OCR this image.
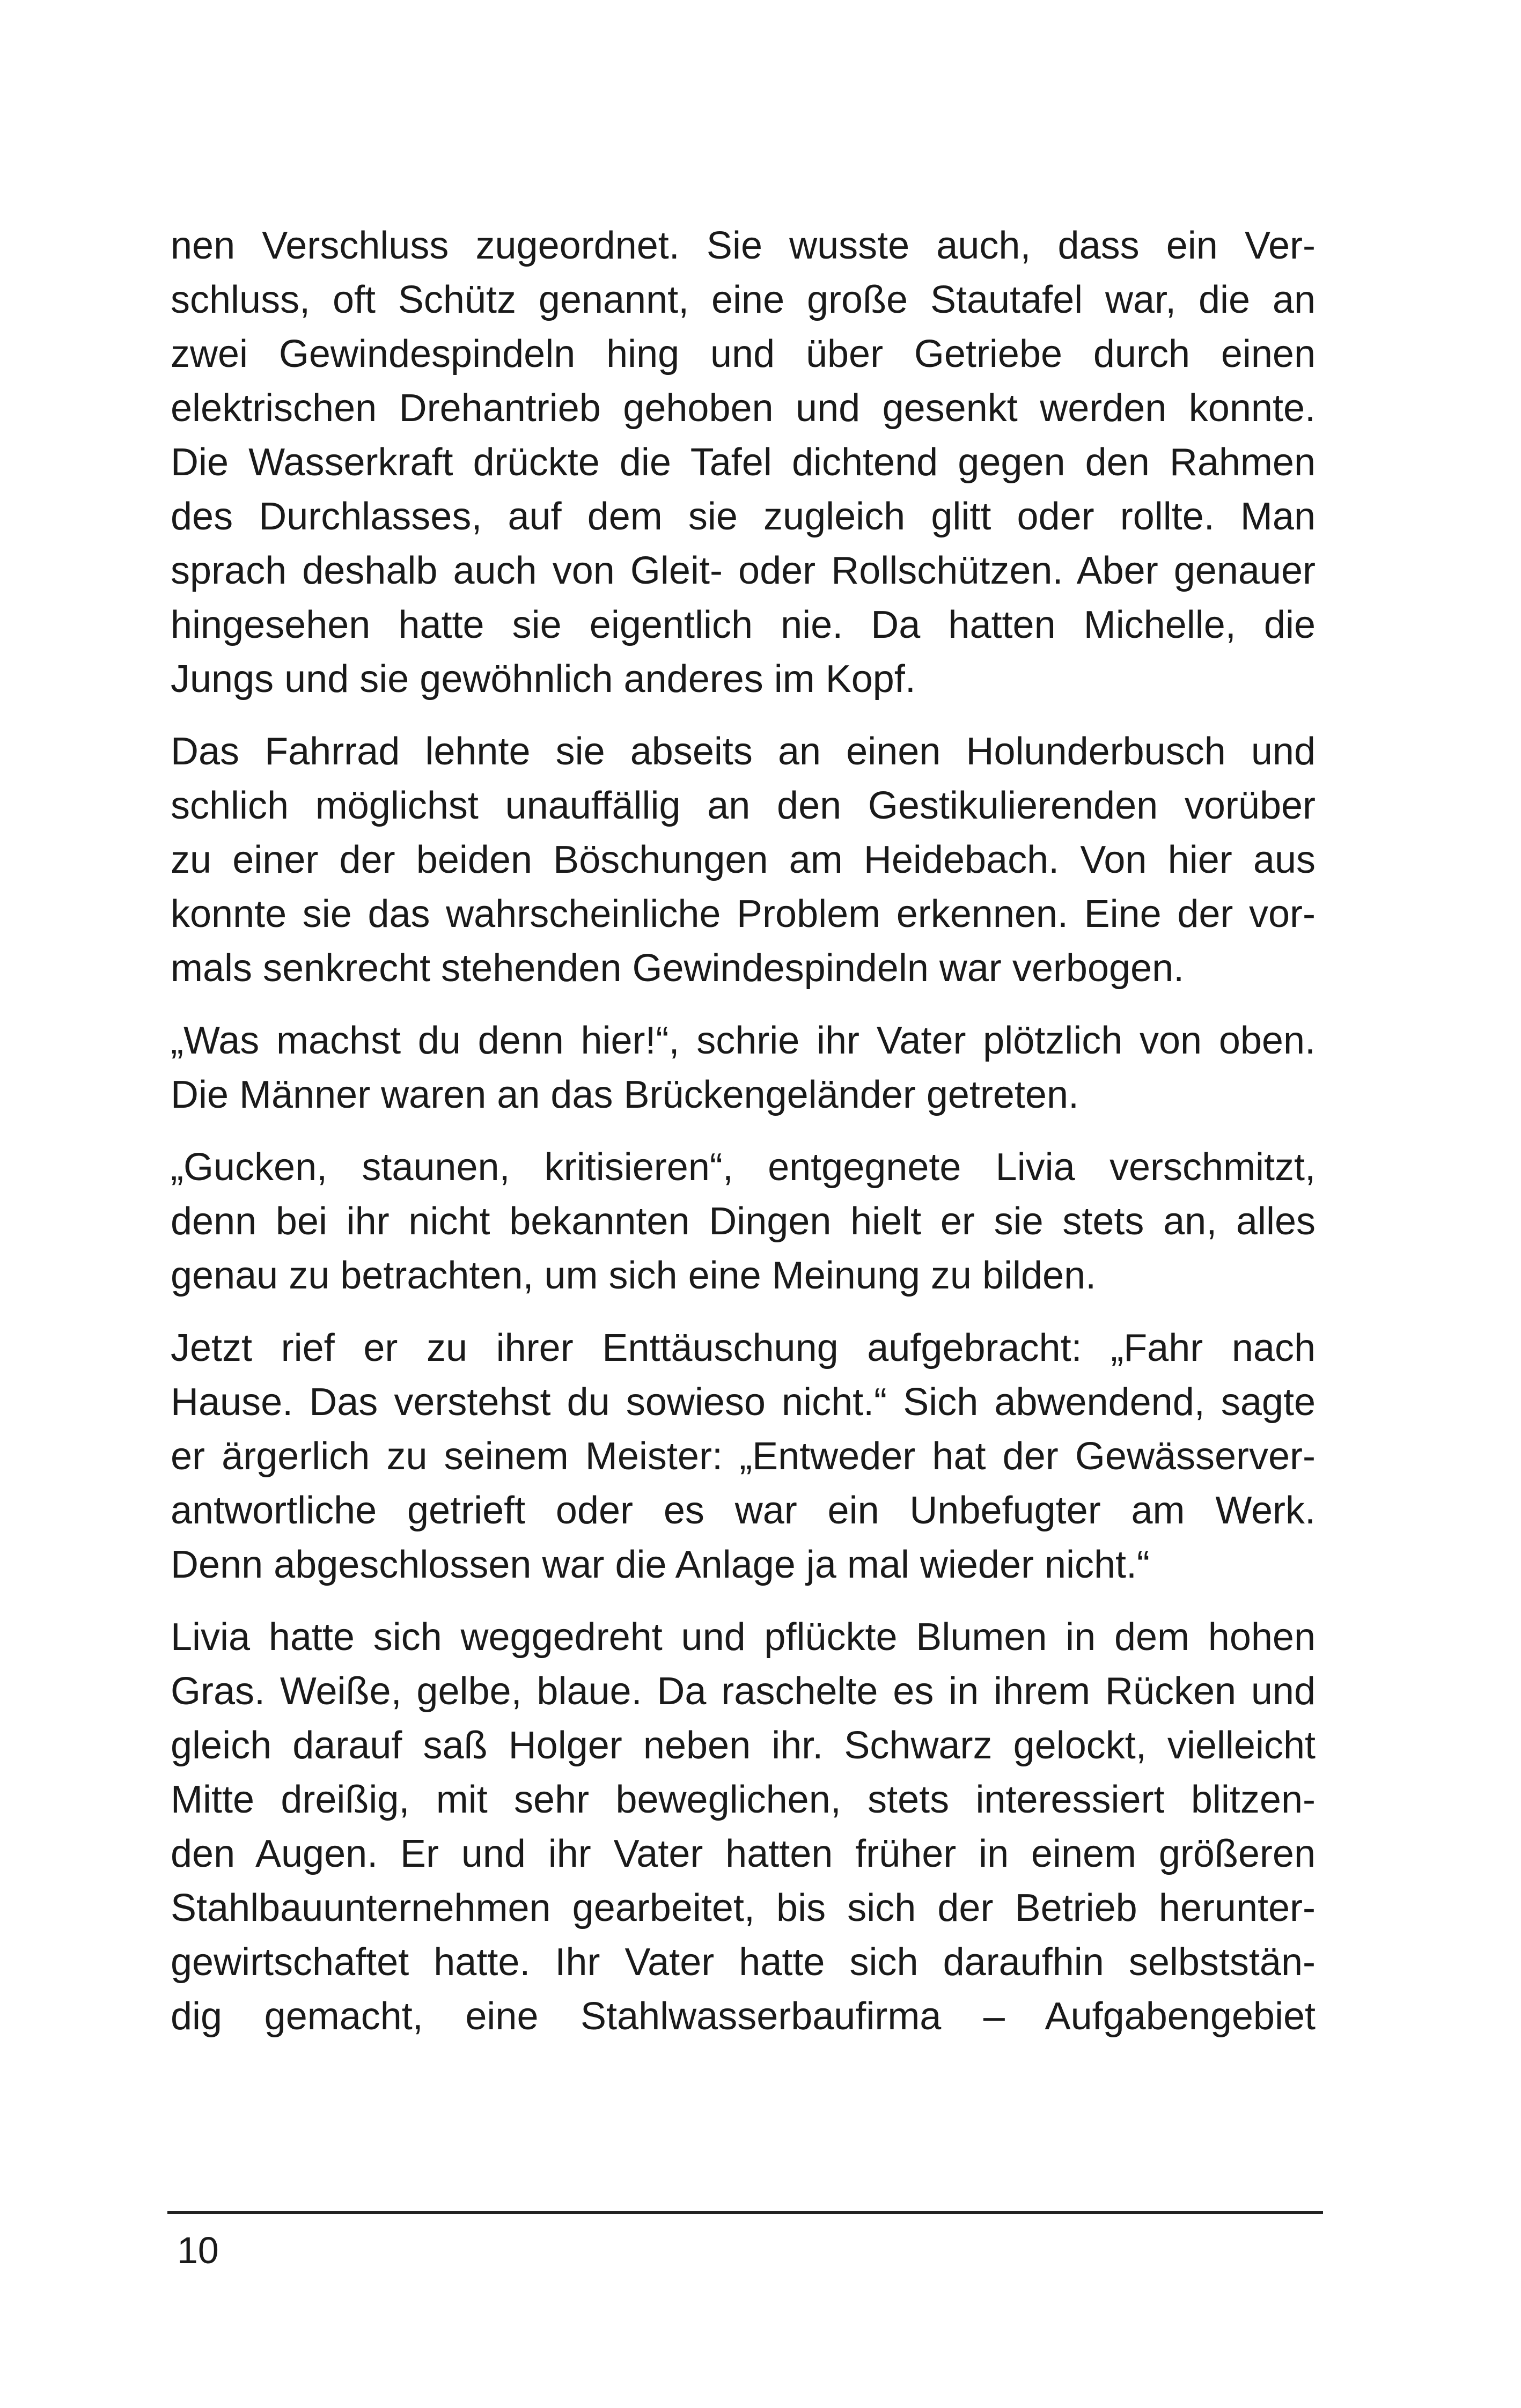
nen Verschluss zugeordnet. Sie wusste auch, dass ein Ver-
schluss, oft Schütz genannt, eine große Stautafel war, die an
zwei Gewindespindeln hing und über Getriebe durch einen
elektrischen Drehantrieb gehoben und gesenkt werden konnte.
Die Wasserkraft drückte die Tafel dichtend gegen den Rahmen
des Durchlasses, auf dem sie zugleich glitt oder rollte. Man
sprach deshalb auch von Gleit- oder Rollschützen. Aber genauer
hingesehen hatte sie eigentlich nie. Da hatten Michelle, die
Jungs und sie gewöhnlich anderes im Kopf.
Das Fahrrad lehnte sie abseits an einen Holunderbusch und
schlich möglichst unauffällig an den Gestikulierenden vorüber
zu einer der beiden Böschungen am Heidebach. Von hier aus
konnte sie das wahrscheinliche Problem erkennen. Eine der vor-
mals senkrecht stehenden Gewindespindeln war verbogen.
„Was machst du denn hier!“, schrie ihr Vater plötzlich von oben.
Die Männer waren an das Brückengeländer getreten.
„Gucken, staunen, kritisieren“, entgegnete Livia verschmitzt,
denn bei ihr nicht bekannten Dingen hielt er sie stets an, alles
genau zu betrachten, um sich eine Meinung zu bilden.
Jetzt rief er zu ihrer Enttäuschung aufgebracht: „Fahr nach
Hause. Das verstehst du sowieso nicht.“ Sich abwendend, sagte
er ärgerlich zu seinem Meister: „Entweder hat der Gewässerver-
antwortliche getrieft oder es war ein Unbefugter am Werk.
Denn abgeschlossen war die Anlage ja mal wieder nicht.“
Livia hatte sich weggedreht und pflückte Blumen in dem hohen
Gras. Weiße, gelbe, blaue. Da raschelte es in ihrem Rücken und
gleich darauf saß Holger neben ihr. Schwarz gelockt, vielleicht
Mitte dreißig, mit sehr beweglichen, stets interessiert blitzen-
den Augen. Er und ihr Vater hatten früher in einem größeren
Stahlbauunternehmen gearbeitet, bis sich der Betrieb herunter-
gewirtschaftet hatte. Ihr Vater hatte sich daraufhin selbststän-
dig gemacht, eine Stahlwasserbaufirma – Aufgabengebiet
10
